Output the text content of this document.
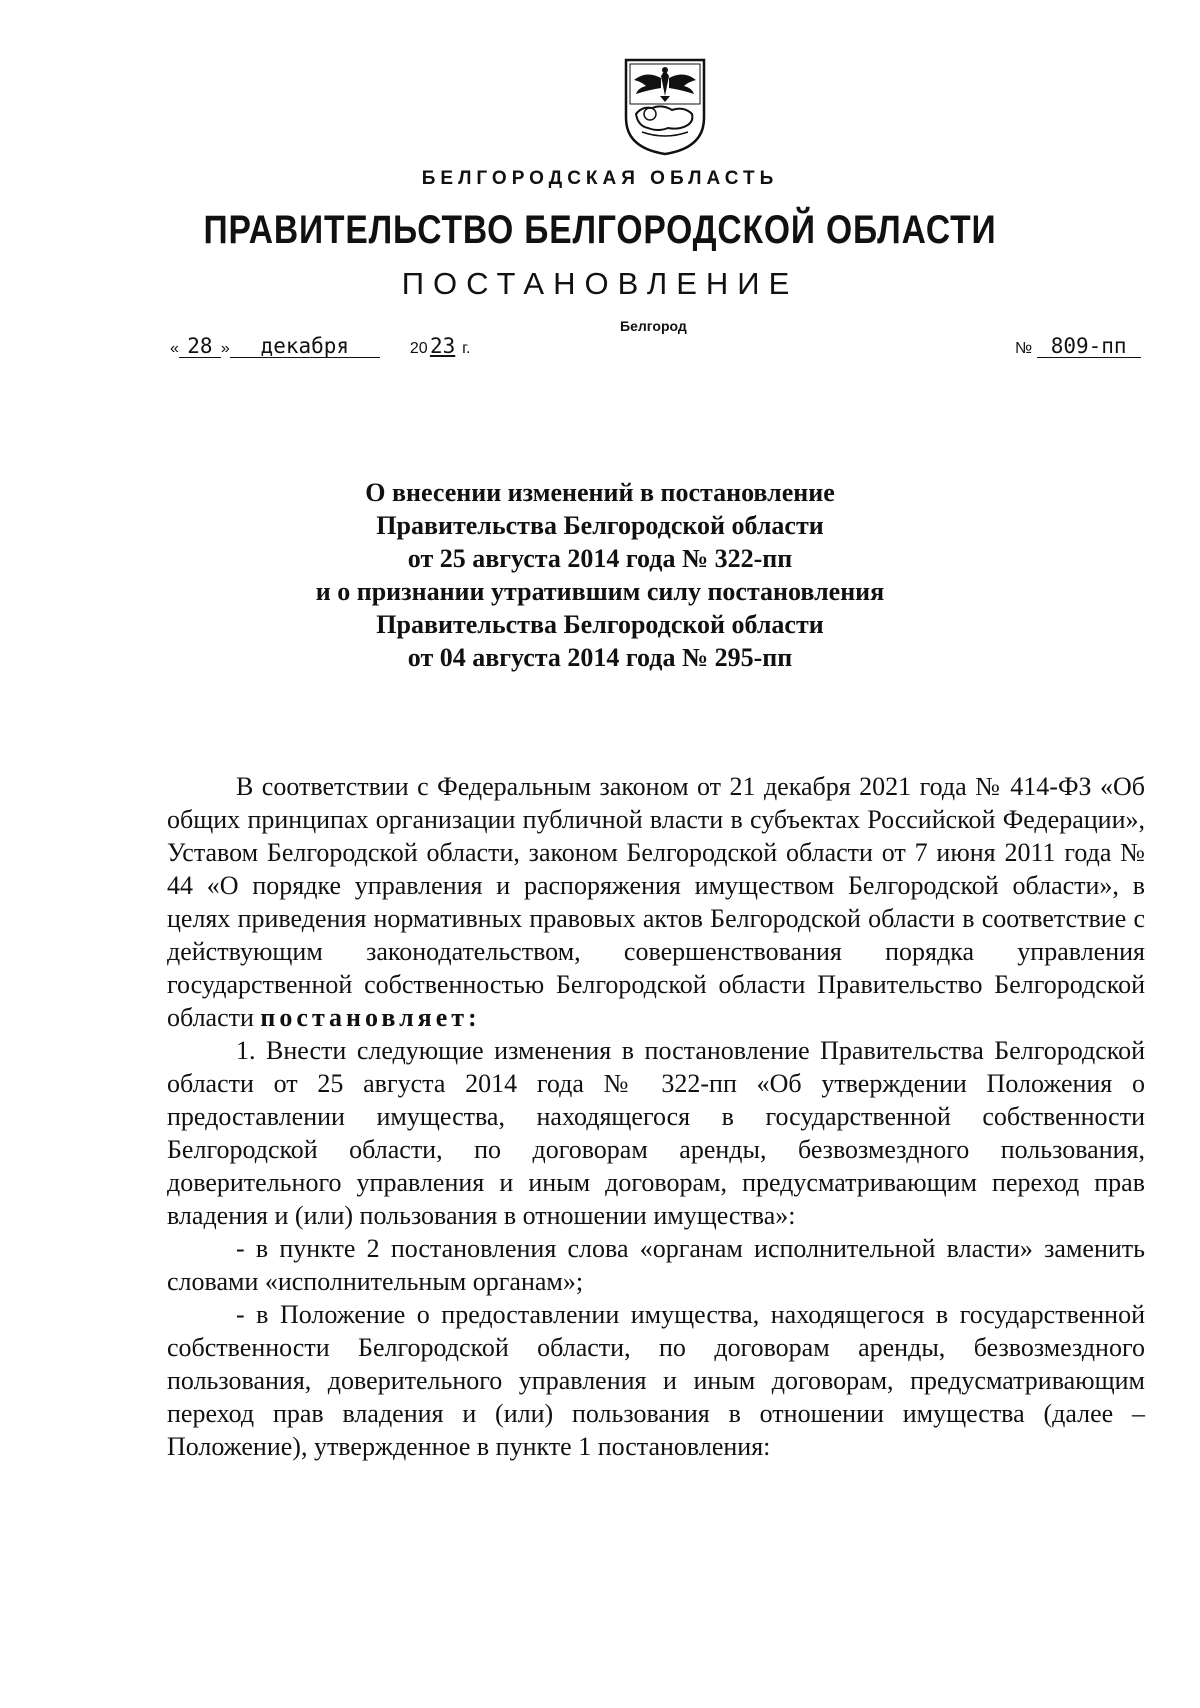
БЕЛГОРОДСКАЯ ОБЛАСТЬ
ПРАВИТЕЛЬСТВО БЕЛГОРОДСКОЙ ОБЛАСТИ
ПОСТАНОВЛЕНИЕ
Белгород
« 28 » декабря	20 23 г.	№ 809-пп
О внесении изменений в постановление
Правительства Белгородской области
от 25 августа 2014 года № 322-пп
и о признании утратившим силу постановления
Правительства Белгородской области
от 04 августа 2014 года № 295-пп

В соответствии с Федеральным законом от 21 декабря 2021 года № 414-ФЗ «Об общих принципах организации публичной власти в субъектах Российской Федерации», Уставом Белгородской области, законом Белгородской области от 7 июня 2011 года № 44 «О порядке управления и распоряжения имуществом Белгородской области», в целях приведения нормативных правовых актов Белгородской области в соответствие с действующим законодательством, совершенствования порядка управления государственной собственностью Белгородской области Правительство Белгородской области постановляет:

1. Внести следующие изменения в постановление Правительства Белгородской области от 25 августа 2014 года № 322-пп «Об утверждении Положения о предоставлении имущества, находящегося в государственной собственности Белгородской области, по договорам аренды, безвозмездного пользования, доверительного управления и иным договорам, предусматривающим переход прав владения и (или) пользования в отношении имущества»:

- в пункте 2 постановления слова «органам исполнительной власти» заменить словами «исполнительным органам»;

- в Положение о предоставлении имущества, находящегося в государственной собственности Белгородской области, по договорам аренды, безвозмездного пользования, доверительного управления и иным договорам, предусматривающим переход прав владения и (или) пользования в отношении имущества (далее – Положение), утвержденное в пункте 1 постановления:
